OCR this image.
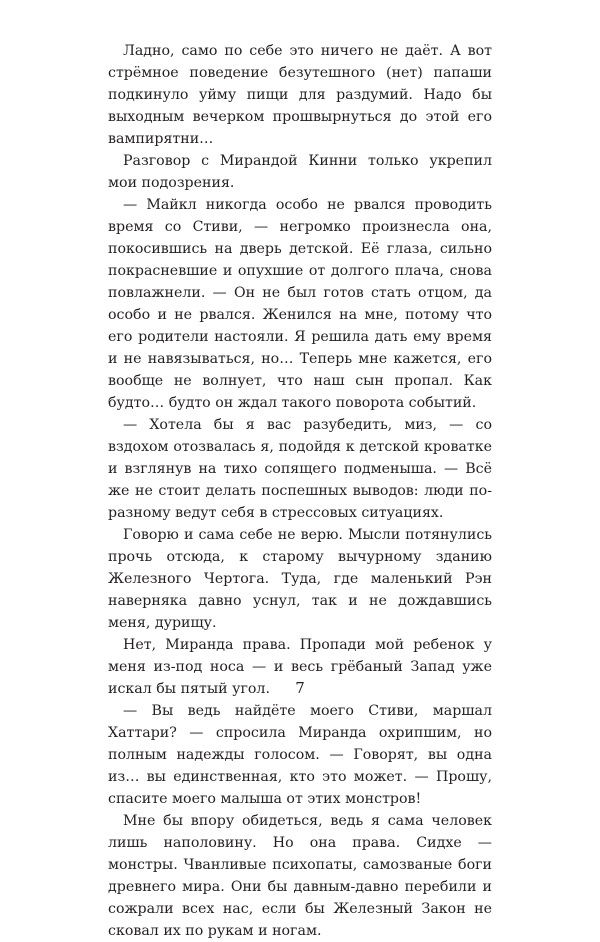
Ладно, само по себе это ничего не даёт. А вот стрёмное поведение безутешного (нет) папаши подкинуло уйму пищи для раздумий. Надо бы выходным вечерком прошвырнуться до этой его вампирятни…

Разговор с Мирандой Кинни только укрепил мои подозрения.

— Майкл никогда особо не рвался проводить время со Стиви, — негромко произнесла она, покосившись на дверь детской. Её глаза, сильно покрасневшие и опухшие от долгого плача, снова повлажнели. — Он не был готов стать отцом, да особо и не рвался. Женился на мне, потому что его родители настояли. Я решила дать ему время и не навязываться, но… Теперь мне кажется, его вообще не волнует, что наш сын пропал. Как будто… будто он ждал такого поворота событий.

— Хотела бы я вас разубедить, миз, — со вздохом отозвалась я, подойдя к детской кроватке и взглянув на тихо сопящего подменыша. — Всё же не стоит делать поспешных выводов: люди по-разному ведут себя в стрессовых ситуациях.

Говорю и сама себе не верю. Мысли потянулись прочь отсюда, к старому вычурному зданию Железного Чертога. Туда, где маленький Рэн наверняка давно уснул, так и не дождавшись меня, дурищу.

Нет, Миранда права. Пропади мой ребенок у меня из-под носа — и весь грёбаный Запад уже искал бы пятый угол.

— Вы ведь найдёте моего Стиви, маршал Хаттари? — спросила Миранда охрипшим, но полным надежды голосом. — Говорят, вы одна из… вы единственная, кто это может. — Прошу, спасите моего малыша от этих монстров!

Мне бы впору обидеться, ведь я сама человек лишь наполовину. Но она права. Сидхе — монстры. Чванливые психопаты, самозваные боги древнего мира. Они бы давным-давно перебили и сожрали всех нас, если бы Железный Закон не сковал их по рукам и ногам.

7
